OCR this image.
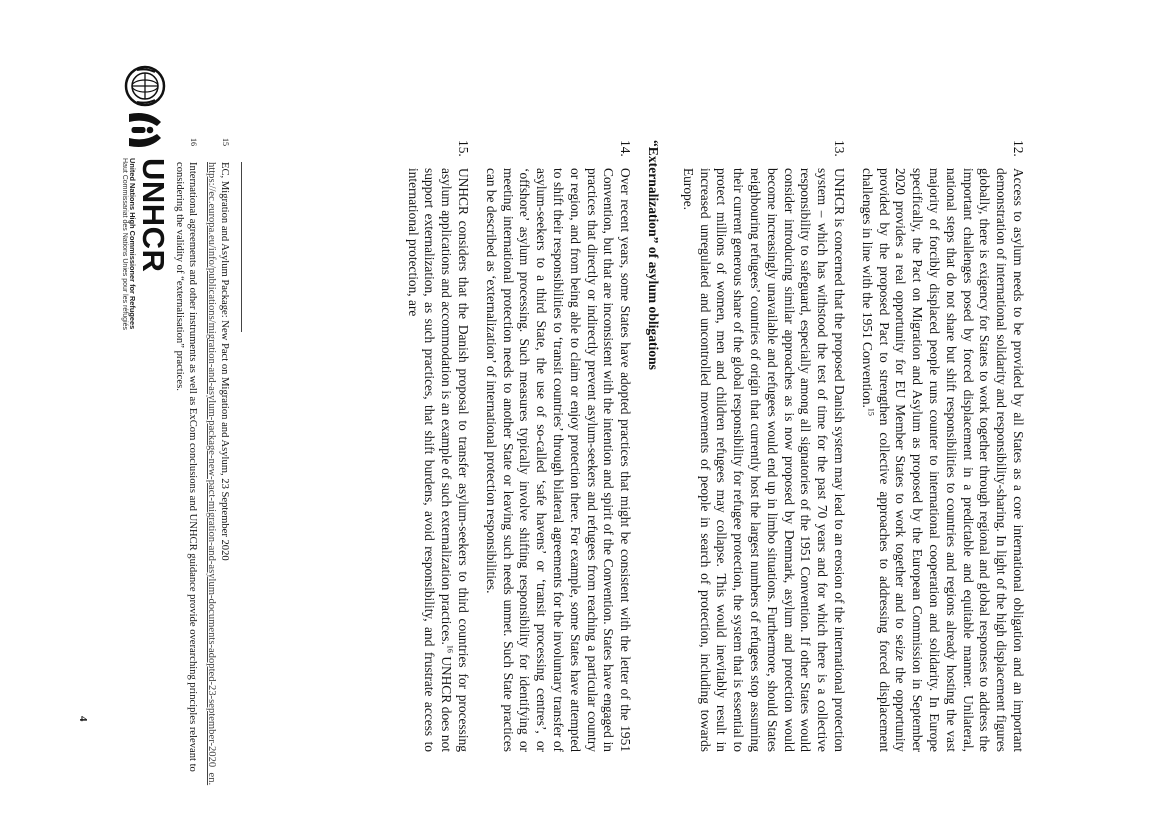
UNHCR
United Nations High Commissioner for Refugees
Haut Commissariat des Nations Unies pour les réfugiés
12.
Access to asylum needs to be provided by all States as a core international obligation and an important demonstration of international solidarity and responsibility-sharing. In light of the high displacement figures globally, there is exigency for States to work together through regional and global responses to address the important challenges posed by forced displacement in a predictable and equitable manner. Unilateral, national steps that do not share but shift responsibilities to countries and regions already hosting the vast majority of forcibly displaced people runs counter to international cooperation and solidarity. In Europe specifically, the Pact on Migration and Asylum as proposed by the European Commission in September 2020 provides a real opportunity for EU Member States to work together and to seize the opportunity provided by the proposed Pact to strengthen collective approaches to addressing forced displacement challenges in line with the 1951 Convention.$^{15}$
13.
UNHCR is concerned that the proposed Danish system may lead to an erosion of the international protection system – which has withstood the test of time for the past 70 years and for which there is a collective responsibility to safeguard, especially among all signatories of the 1951 Convention. If other States would consider introducing similar approaches as is now proposed by Denmark, asylum and protection would become increasingly unavailable and refugees would end up in limbo situations. Furthermore, should States neighbouring refugees’ countries of origin that currently host the largest numbers of refugees stop assuming their current generous share of the global responsibility for refugee protection, the system that is essential to protect millions of women, men and children refugees may collapse. This would inevitably result in increased unregulated and uncontrolled movements of people in search of protection, including towards Europe.
“Externalization” of asylum obligations
14.
Over recent years, some States have adopted practices that might be consistent with the letter of the 1951 Convention, but that are inconsistent with the intention and spirit of the Convention. States have engaged in practices that directly or indirectly prevent asylum-seekers and refugees from reaching a particular country or region, and from being able to claim or enjoy protection there. For example, some States have attempted to shift their responsibilities to ‘transit countries’ through bilateral agreements for the involuntary transfer of asylum-seekers to a third State, the use of so-called ‘safe havens’ or ‘transit processing centres’, or ‘offshore’ asylum processing. Such measures typically involve shifting responsibility for identifying or meeting international protection needs to another State or leaving such needs unmet. Such State practices can be described as ‘externalization’ of international protection responsibilities.
15.
UNHCR considers that the Danish proposal to transfer asylum-seekers to third countries for processing asylum applications and accommodation is an example of such externalization practices.$^{16}$ UNHCR does not support externalization, as such practices, that shift burdens, avoid responsibility, and frustrate access to international protection, are
15
EC, Migration and Asylum Package: New Pact on Migration and Asylum, 23 September 2020
https://ec.europa.eu/info/publications/migration-and-asylum-package-new-pact-migration-and-asylum-documents-adopted-23-september-2020_en.
16
International agreements and other instruments as well as ExCom conclusions and UNHCR guidance provide overarching principles relevant to considering the validity of “externalisation” practices.
4
